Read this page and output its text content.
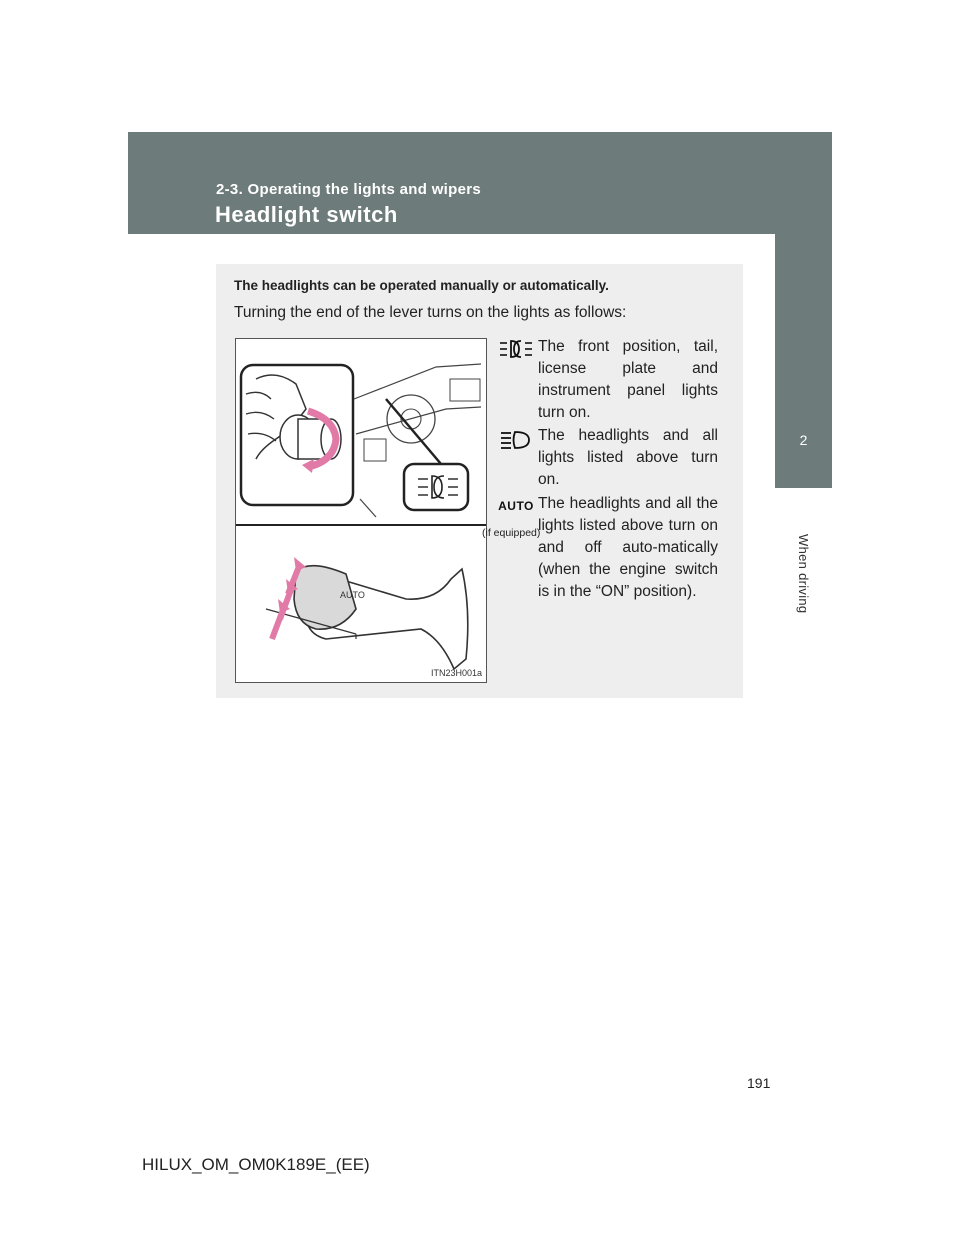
2-3. Operating the lights and wipers
Headlight switch
2
When driving
The headlights can be operated manually or automatically.
Turning the end of the lever turns on the lights as follows:
AUTO
ITN23H001a
The front position, tail, license plate and instrument panel lights turn on.
The headlights and all lights listed above turn on.
AUTO
(if equipped)
The headlights and all the lights listed above turn on and off auto-matically (when the engine switch is in the “ON” position).
191
HILUX_OM_OM0K189E_(EE)
